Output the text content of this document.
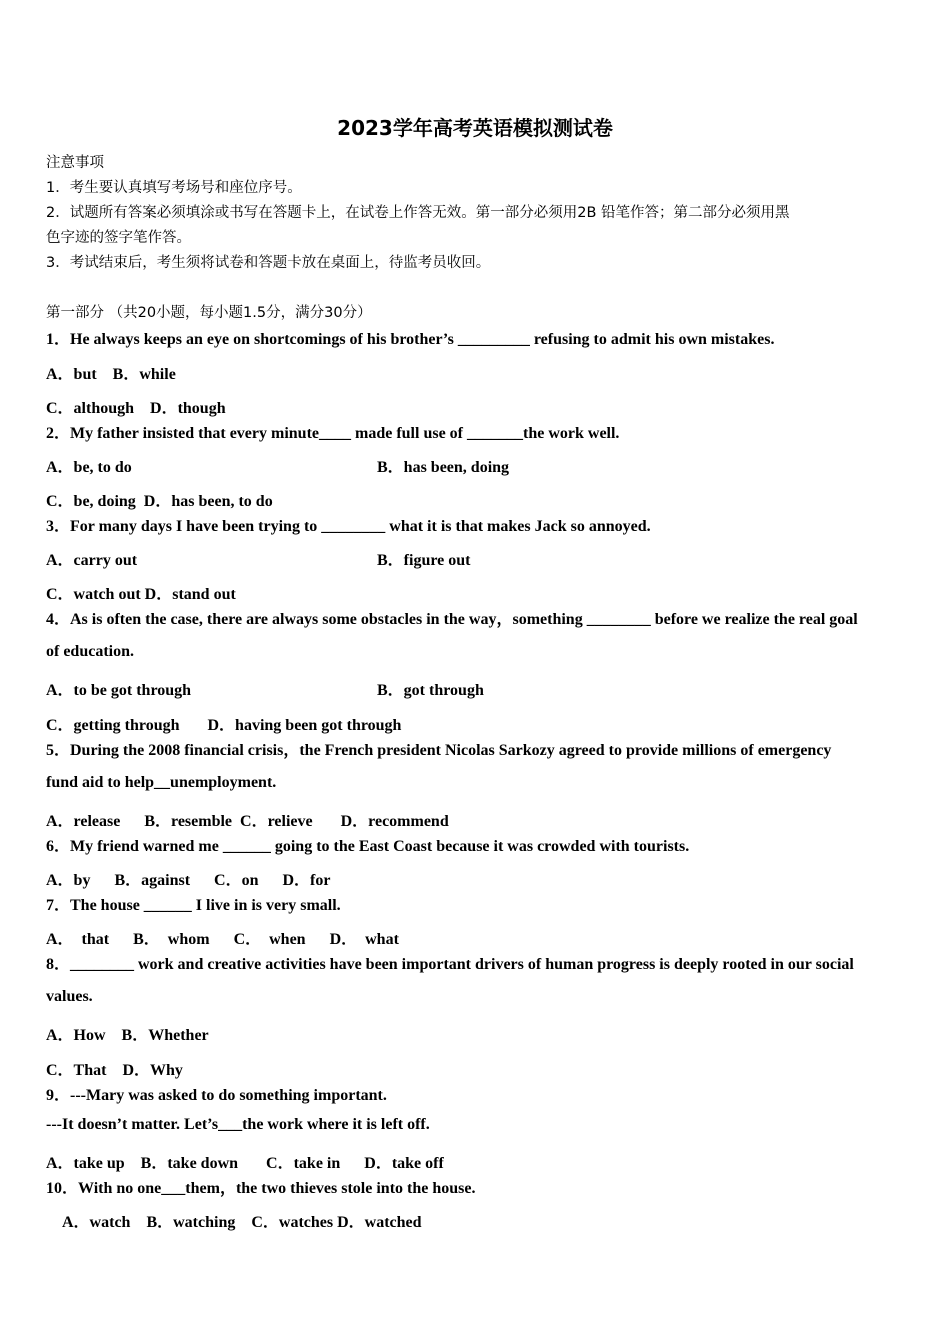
2023学年高考英语模拟测试卷
注意事项
1．考生要认真填写考场号和座位序号。
2．试题所有答案必须填涂或书写在答题卡上，在试卷上作答无效。第一部分必须用2B 铅笔作答；第二部分必须用黑
色字迹的签字笔作答。
3．考试结束后，考生须将试卷和答题卡放在桌面上，待监考员收回。
第一部分 （共20小题，每小题1.5分，满分30分）
1．He always keeps an eye on shortcomings of his brother’s _________ refusing to admit his own mistakes.
A．but    B．while
C．although    D．though
2．My father insisted that every minute____ made full use of _______the work well.
A．be, to do	B．has been, doing
C．be, doing  D．has been, to do
3．For many days I have been trying to ________ what it is that makes Jack so annoyed.
A．carry out	B．figure out
C．watch out D．stand out
4．As is often the case, there are always some obstacles in the way，something ________ before we realize the real goal
of education.
A．to be got through	B．got through
C．getting through       D．having been got through
5．During the 2008 financial crisis，the French president Nicolas Sarkozy agreed to provide millions of emergency
fund aid to help__unemployment.
A．release      B．resemble  C．relieve       D．recommend
6．My friend warned me ______ going to the East Coast because it was crowded with tourists.
A．by      B．against      C．on      D．for
7．The house ______ I live in is very small.
A．  that      B．  whom      C．  when      D．  what
8．________ work and creative activities have been important drivers of human progress is deeply rooted in our social
values.
A．How    B．Whether
C．That    D．Why
9．---Mary was asked to do something important.
---It doesn’t matter. Let’s___the work where it is left off.
A．take up    B．take down       C．take in      D．take off
10．With no one___them，the two thieves stole into the house.
A．watch    B．watching    C．watches D．watched
